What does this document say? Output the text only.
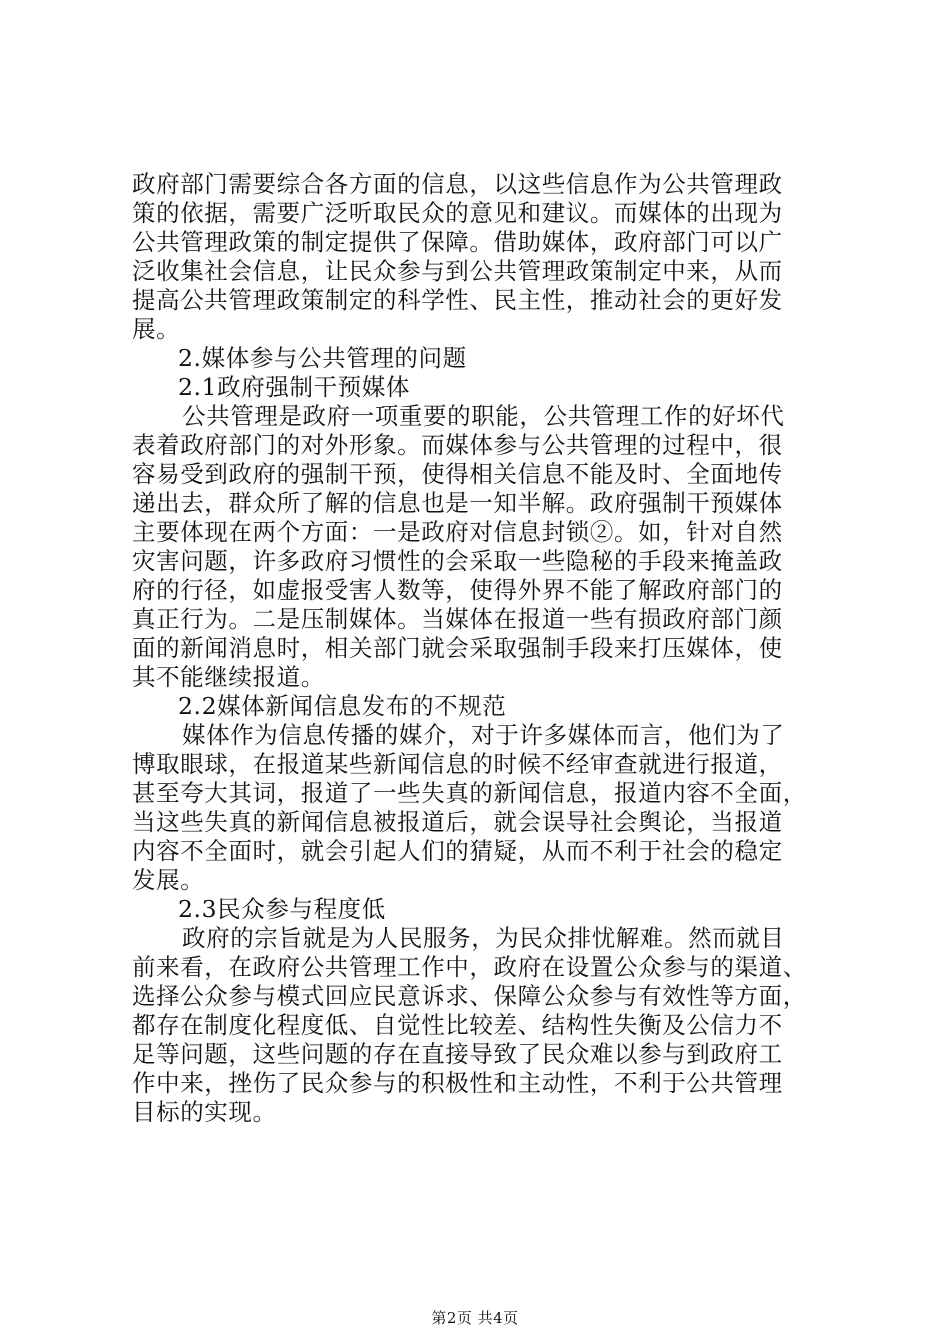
政府部门需要综合各方面的信息，以这些信息作为公共管理政
策的依据，需要广泛听取民众的意见和建议。而媒体的出现为
公共管理政策的制定提供了保障。借助媒体，政府部门可以广
泛收集社会信息，让民众参与到公共管理政策制定中来，从而
提高公共管理政策制定的科学性、民主性，推动社会的更好发
展。
2.媒体参与公共管理的问题
2.1政府强制干预媒体
公共管理是政府一项重要的职能，公共管理工作的好坏代
表着政府部门的对外形象。而媒体参与公共管理的过程中，很
容易受到政府的强制干预，使得相关信息不能及时、全面地传
递出去，群众所了解的信息也是一知半解。政府强制干预媒体
主要体现在两个方面：一是政府对信息封锁②。如，针对自然
灾害问题，许多政府习惯性的会采取一些隐秘的手段来掩盖政
府的行径，如虚报受害人数等，使得外界不能了解政府部门的
真正行为。二是压制媒体。当媒体在报道一些有损政府部门颜
面的新闻消息时，相关部门就会采取强制手段来打压媒体，使
其不能继续报道。
2.2媒体新闻信息发布的不规范
媒体作为信息传播的媒介，对于许多媒体而言，他们为了
博取眼球，在报道某些新闻信息的时候不经审查就进行报道，
甚至夸大其词，报道了一些失真的新闻信息，报道内容不全面，
当这些失真的新闻信息被报道后，就会误导社会舆论，当报道
内容不全面时，就会引起人们的猜疑，从而不利于社会的稳定
发展。
2.3民众参与程度低
政府的宗旨就是为人民服务，为民众排忧解难。然而就目
前来看，在政府公共管理工作中，政府在设置公众参与的渠道、
选择公众参与模式回应民意诉求、保障公众参与有效性等方面，
都存在制度化程度低、自觉性比较差、结构性失衡及公信力不
足等问题，这些问题的存在直接导致了民众难以参与到政府工
作中来，挫伤了民众参与的积极性和主动性，不利于公共管理
目标的实现。
第2页 共4页
